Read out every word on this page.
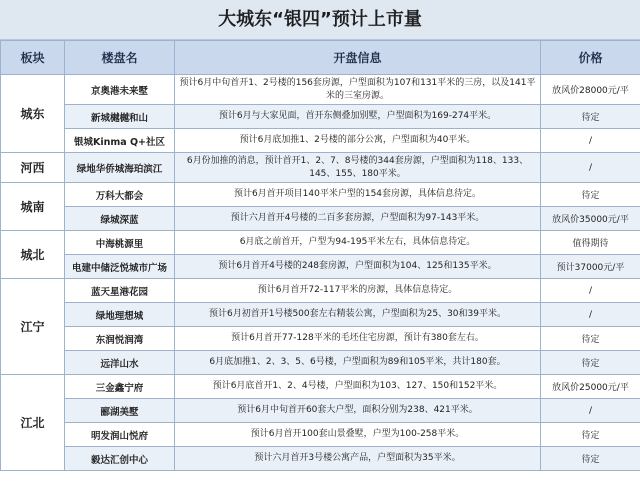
大城东“银四”预计上市量
板块	楼盘名	开盘信息	价格
城东	京奥港未来墅	预计6月中旬首开1、2号楼的156套房源，户型面积为107和131平米的三房，以及141平米的三室房源。	放风价28000元/平
	新城樾樾和山	预计6月与大家见面，首开东侧叠加别墅，户型面积为169-274平米。	待定
	银城Kinma Q+社区	预计6月底加推1、2号楼的部分公寓，户型面积为40平米。	/
河西	绿地华侨城海珀滨江	6月份加推的消息，预计首开1、2、7、8号楼的344套房源，户型面积为118、133、145、155、180平米。	/
城南	万科大都会	预计6月首开项目140平米户型的154套房源，具体信息待定。	待定
	绿城深蓝	预计六月首开4号楼的二百多套房源，户型面积为97-143平米。	放风价35000元/平
城北	中海桃源里	6月底之前首开，户型为94-195平米左右，具体信息待定。	值得期待
	电建中储泛悦城市广场	预计6月首开4号楼的248套房源，户型面积为104、125和135平米。	预计37000元/平
江宁	蓝天星港花园	预计6月首开72-117平米的房源，具体信息待定。	/
	绿地理想城	预计6月初首开1号楼500套左右精装公寓，户型面积为25、30和39平米。	/
	东润悦润湾	预计6月首开77-128平米的毛坯住宅房源，预计有380套左右。	待定
	远洋山水	6月底加推1、2、3、5、6号楼，户型面积为89和105平米，共计180套。	待定
江北	三金鑫宁府	预计6月底首开1、2、4号楼，户型面积为103、127、150和152平米。	放风价25000元/平
	郦湖美墅	预计6月中旬首开60套大户型，面积分别为238、421平米。	/
	明发润山悦府	预计6月首开100套山景叠墅，户型为100-258平米。	待定
	毅达汇创中心	预计六月首开3号楼公寓产品，户型面积为35平米。	待定
